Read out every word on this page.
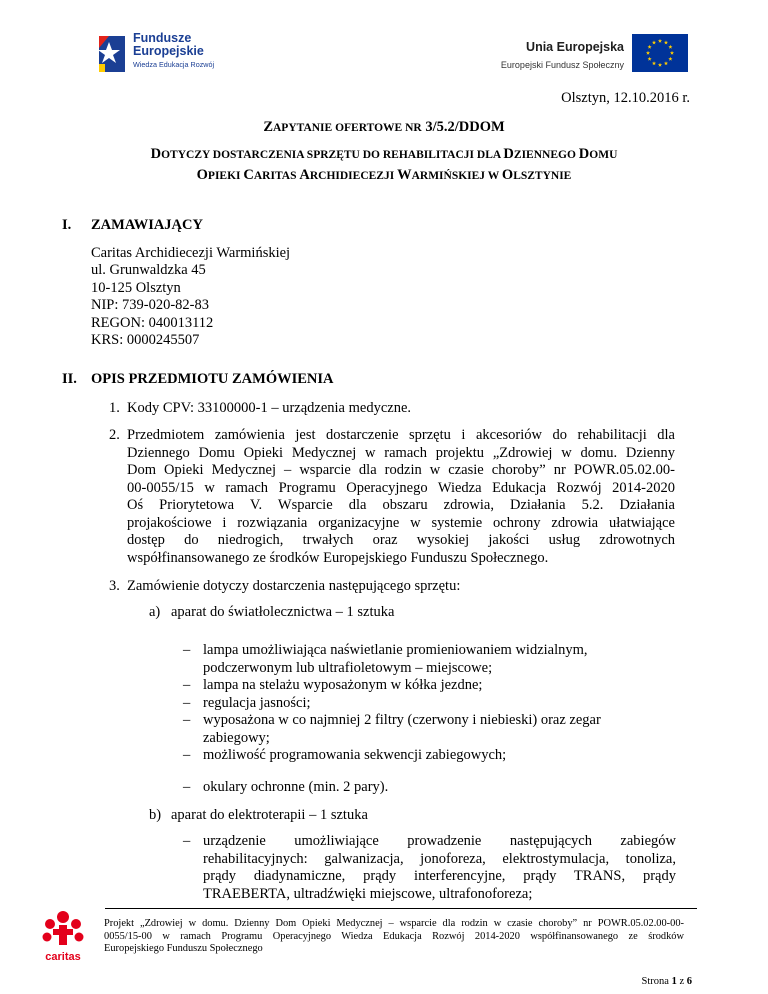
Fundusze
Europejskie
Wiedza Edukacja Rozwój
Unia Europejska
Europejski Fundusz Społeczny
Olsztyn, 12.10.2016 r.
ZAPYTANIE OFERTOWE NR 3/5.2/DDOM
DOTYCZY DOSTARCZENIA SPRZĘTU DO REHABILITACJI DLA DZIENNEGO DOMU
OPIEKI CARITAS ARCHIDIECEZJI WARMIŃSKIEJ W OLSZTYNIE
I. ZAMAWIAJĄCY
Caritas Archidiecezji Warmińskiej
ul. Grunwaldzka 45
10-125 Olsztyn
NIP: 739-020-82-83
REGON: 040013112
KRS: 0000245507
II. OPIS PRZEDMIOTU ZAMÓWIENIA
1. Kody CPV: 33100000-1 – urządzenia medyczne.
2. Przedmiotem zamówienia jest dostarczenie sprzętu i akcesoriów do rehabilitacji dla
Dziennego Domu Opieki Medycznej w ramach projektu „Zdrowiej w domu. Dzienny
Dom Opieki Medycznej – wsparcie dla rodzin w czasie choroby” nr POWR.05.02.00-
00-0055/15 w ramach Programu Operacyjnego Wiedza Edukacja Rozwój 2014-2020
Oś Priorytetowa V. Wsparcie dla obszaru zdrowia, Działania 5.2. Działania
projakościowe i rozwiązania organizacyjne w systemie ochrony zdrowia ułatwiające
dostęp do niedrogich, trwałych oraz wysokiej jakości usług zdrowotnych
współfinansowanego ze środków Europejskiego Funduszu Społecznego.
3. Zamówienie dotyczy dostarczenia następującego sprzętu:
a) aparat do światłolecznictwa – 1 sztuka
– lampa umożliwiająca naświetlanie promieniowaniem widzialnym,
podczerwonym lub ultrafioletowym – miejscowe;
– lampa na stelażu wyposażonym w kółka jezdne;
– regulacja jasności;
– wyposażona w co najmniej 2 filtry (czerwony i niebieski) oraz zegar
zabiegowy;
– możliwość programowania sekwencji zabiegowych;
– okulary ochronne (min. 2 pary).
b) aparat do elektroterapii – 1 sztuka
caritas
Projekt „Zdrowiej w domu. Dzienny Dom Opieki Medycznej – wsparcie dla rodzin w czasie choroby” nr POWR.05.02.00-00-
0055/15-00 w ramach Programu Operacyjnego Wiedza Edukacja Rozwój 2014-2020 współfinansowanego ze środków
Europejskiego Funduszu Społecznego
Strona 1 z 6
– urządzenie umożliwiające prowadzenie następujących zabiegów
rehabilitacyjnych: galwanizacja, jonoforeza, elektrostymulacja, tonoliza,
prądy diadynamiczne, prądy interferencyjne, prądy TRANS, prądy
TRAEBERTA, ultradźwięki miejscowe, ultrafonoforeza;
